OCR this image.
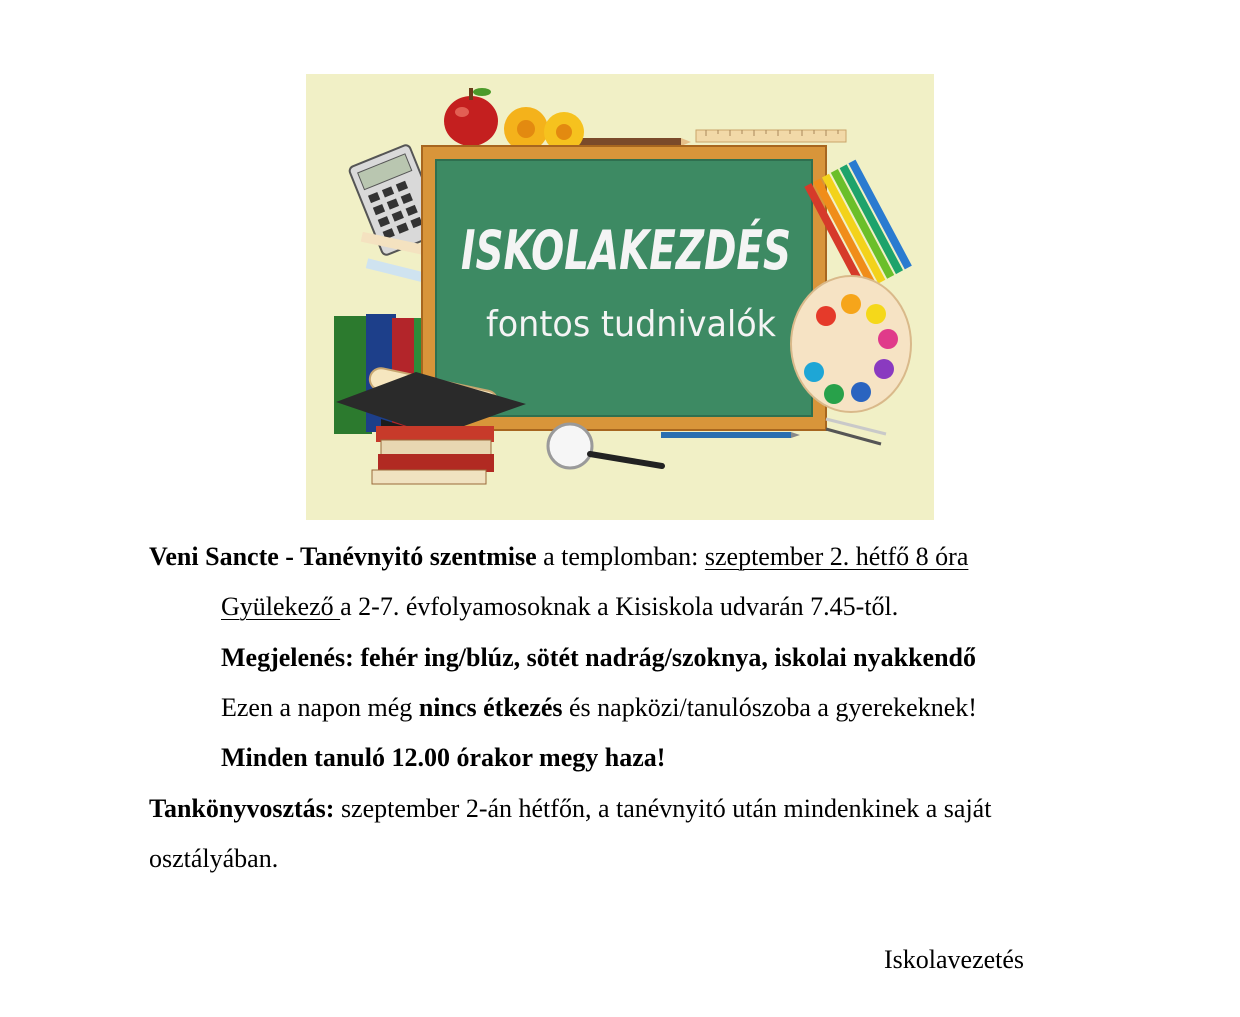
ISKOLAKEZDÉS
fontos tudnivalók
Veni Sancte - Tanévnyitó szentmise a templomban: szeptember 2. hétfő 8 óra
Gyülekező a 2-7. évfolyamosoknak a Kisiskola udvarán 7.45-től.
Megjelenés: fehér ing/blúz, sötét nadrág/szoknya, iskolai nyakkendő
Ezen a napon még nincs étkezés és napközi/tanulószoba a gyerekeknek!
Minden tanuló 12.00 órakor megy haza!
Tankönyvosztás: szeptember 2-án hétfőn, a tanévnyitó után mindenkinek a saját
osztályában.
Iskolavezetés
